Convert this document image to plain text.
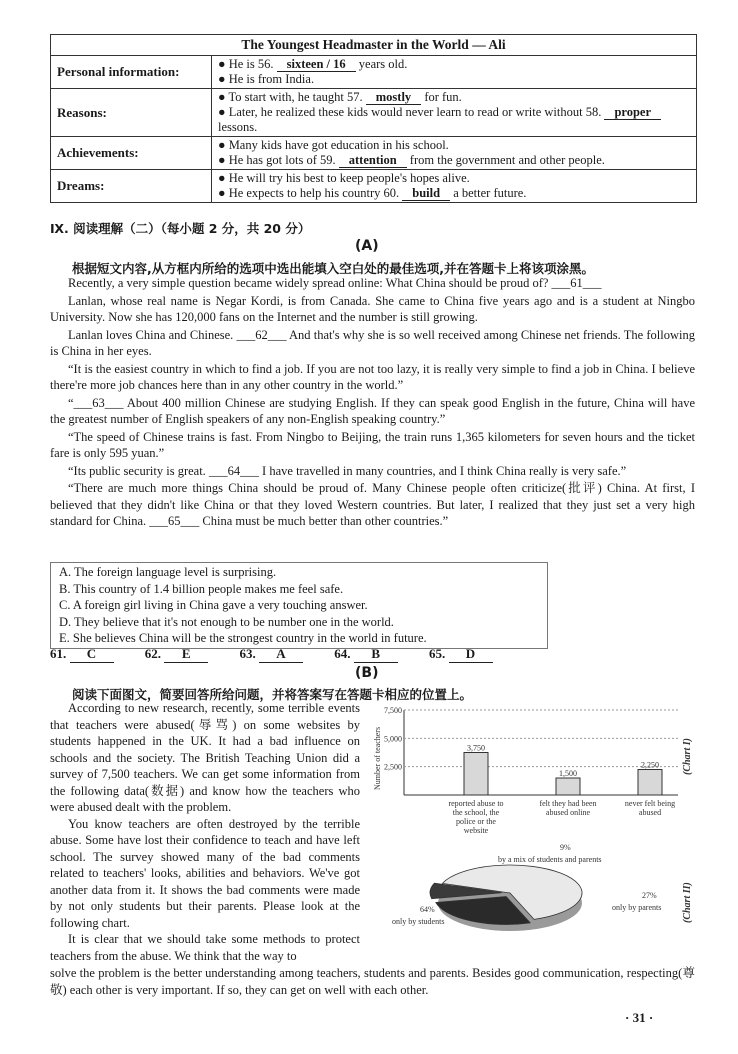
The Youngest Headmaster in the World — Ali	
Personal information:	● He is 56. sixteen / 16 years old.
● He is from India.

Reasons:	● To start with, he taught 57. mostly for fun.
● Later, he realized these kids would never learn to read or write without 58. proper lessons.

Achievements:	● Many kids have got education in his school.
● He has got lots of 59. attention from the government and other people.

Dreams:	● He will try his best to keep people's hopes alive.
● He expects to help his country 60. build a better future.
Ⅸ. 阅读理解（二）（每小题 2 分，共 20 分）
(A)
根据短文内容,从方框内所给的选项中选出能填入空白处的最佳选项,并在答题卡上将该项涂黑。

Recently, a very simple question became widely spread online: What China should be proud of? ___61___

Lanlan, whose real name is Negar Kordi, is from Canada. She came to China five years ago and is a student at Ningbo University. Now she has 120,000 fans on the Internet and the number is still growing.

Lanlan loves China and Chinese. ___62___ And that's why she is so well received among Chinese net friends. The following is China in her eyes.

“It is the easiest country in which to find a job. If you are not too lazy, it is really very simple to find a job in China. I believe there're more job chances here than in any other country in the world.”

“___63___ About 400 million Chinese are studying English. If they can speak good English in the future, China will have the greatest number of English speakers of any non-English speaking country.”

“The speed of Chinese trains is fast. From Ningbo to Beijing, the train runs 1,365 kilometers for seven hours and the ticket fare is only 595 yuan.”

“Its public security is great. ___64___ I have travelled in many countries, and I think China really is very safe.”

“There are much more things China should be proud of. Many Chinese people often criticize(批评) China. At first, I believed that they didn't like China or that they loved Western countries. But later, I realized that they just set a very high standard for China. ___65___ China must be much better than other countries.”

A. The foreign language level is surprising.
B. This country of 1.4 billion people makes me feel safe.
C. A foreign girl living in China gave a very touching answer.
D. They believe that it's not enough to be number one in the world.
E. She believes China will be the strongest country in the world in future.
61. C	62. E	63. A	64. B	65. D
(B)
阅读下面图文，简要回答所给问题，并将答案写在答题卡相应的位置上。

According to new research, recently, some terrible events that teachers were abused(辱骂) on some websites by students happened in the UK. It had a bad influence on schools and the society. The British Teaching Union did a survey of 7,500 teachers. We can get some information from the following data(数据) and know how the teachers who were abused dealt with the problem.

You know teachers are often destroyed by the terrible abuse. Some have lost their confidence to teach and have left school. The survey showed many of the bad comments related to teachers' looks, abilities and behaviors. We've got another data from it. It shows the bad comments were made by not only students but their parents. Please look at the following chart.

It is clear that we should take some methods to protect teachers from the abuse. We think that the way to

solve the problem is the better understanding among teachers, students and parents. Besides good communication, respecting(尊敬) each other is very important. If so, they can get on well with each other.

Number of teachers
7,500
5,000
2,500
3,750
1,500
2,250
reported abuse to the school, the police or the website
felt they had been abused online
never felt being abused
(Chart I)
64%
only by students
27%
only by parents
9%
by a mix of students and parents
(Chart II)
· 31 ·
